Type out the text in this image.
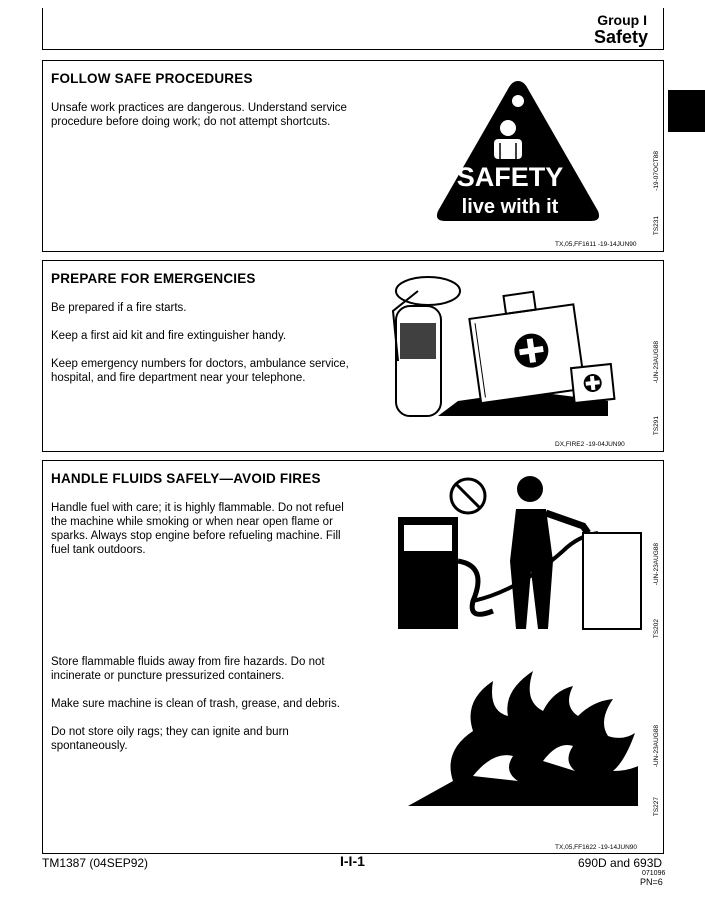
Group I
Safety
FOLLOW SAFE PROCEDURES
Unsafe work practices are dangerous. Understand service procedure before doing work; do not attempt shortcuts.
SAFETY
live with it
-19-07OCT88
TS231
TX,05,FF1611 -19-14JUN90
PREPARE FOR EMERGENCIES
Be prepared if a fire starts.
Keep a first aid kit and fire extinguisher handy.
Keep emergency numbers for doctors, ambulance service, hospital, and fire department near your telephone.	-UN-23AUG88
TS291
DX,FIRE2 -19-04JUN90
HANDLE FLUIDS SAFELY—AVOID FIRES
Handle fuel with care; it is highly flammable. Do not refuel the machine while smoking or when near open flame or sparks. Always stop engine before refueling machine. Fill fuel tank outdoors.
Store flammable fluids away from fire hazards. Do not incinerate or puncture pressurized containers.
Make sure machine is clean of trash, grease, and debris.
Do not store oily rags; they can ignite and burn spontaneously.
-UN-23AUG88
TS202
-UN-23AUG88
TS227
TX,05,FF1622 -19-14JUN90
TM1387 (04SEP92)	I-I-1	690D and 693D
071096
PN=6
